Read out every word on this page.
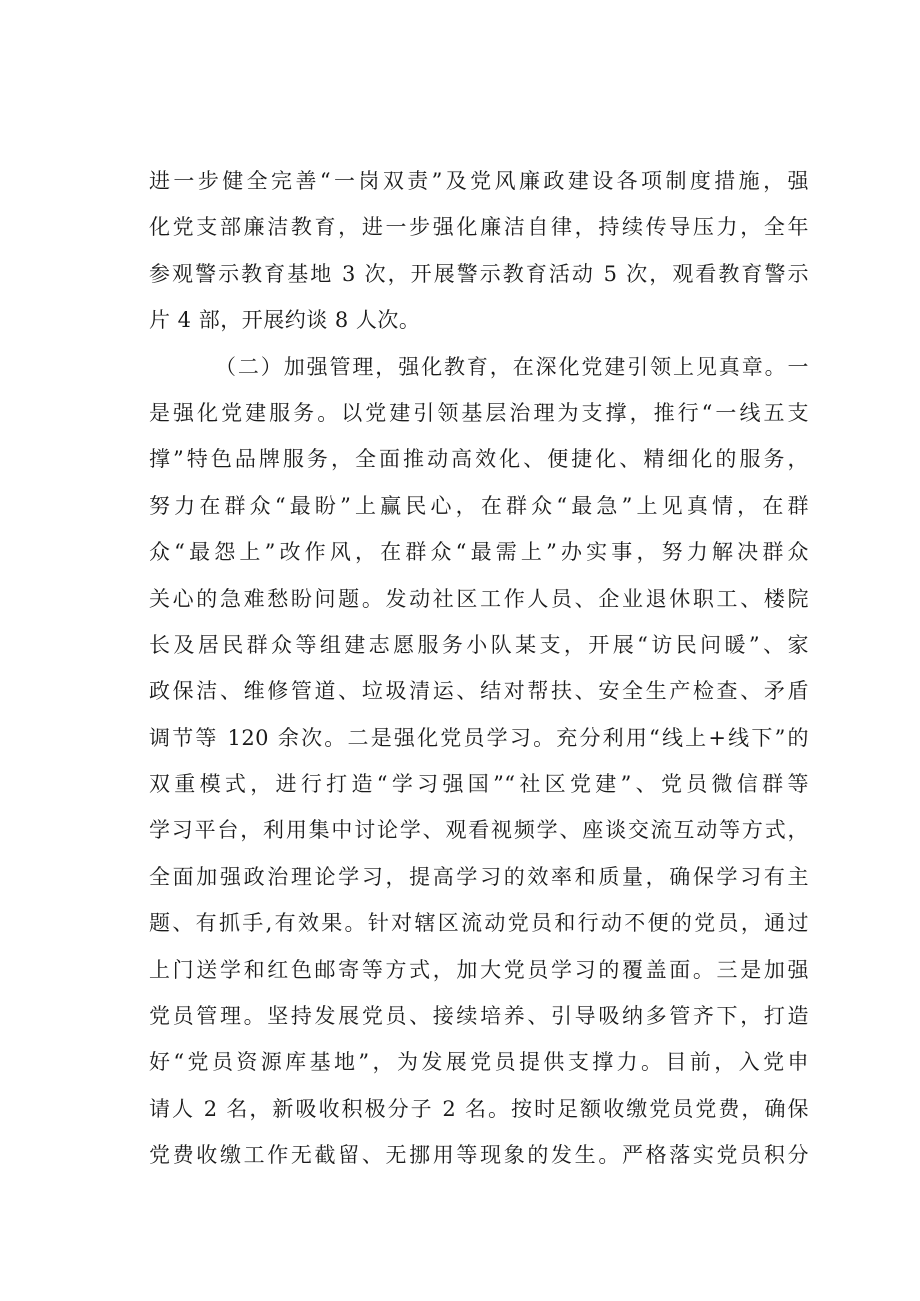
进一步健全完善“一岗双责”及党风廉政建设各项制度措施，强
化党支部廉洁教育，进一步强化廉洁自律，持续传导压力，全年
参观警示教育基地 3 次，开展警示教育活动 5 次，观看教育警示
片 4 部，开展约谈 8 人次。
（二）加强管理，强化教育，在深化党建引领上见真章。一
是强化党建服务。以党建引领基层治理为支撑，推行“一线五支
撑”特色品牌服务，全面推动高效化、便捷化、精细化的服务，
努力在群众“最盼”上赢民心，在群众“最急”上见真情，在群
众“最怨上”改作风，在群众“最需上”办实事，努力解决群众
关心的急难愁盼问题。发动社区工作人员、企业退休职工、楼院
长及居民群众等组建志愿服务小队某支，开展“访民问暖”、家
政保洁、维修管道、垃圾清运、结对帮扶、安全生产检查、矛盾
调节等 120 余次。二是强化党员学习。充分利用“线上+线下”的
双重模式，进行打造“学习强国”“社区党建”、党员微信群等
学习平台，利用集中讨论学、观看视频学、座谈交流互动等方式，
全面加强政治理论学习，提高学习的效率和质量，确保学习有主
题、有抓手,有效果。针对辖区流动党员和行动不便的党员，通过
上门送学和红色邮寄等方式，加大党员学习的覆盖面。三是加强
党员管理。坚持发展党员、接续培养、引导吸纳多管齐下，打造
好“党员资源库基地”，为发展党员提供支撑力。目前，入党申
请人 2 名，新吸收积极分子 2 名。按时足额收缴党员党费，确保
党费收缴工作无截留、无挪用等现象的发生。严格落实党员积分
